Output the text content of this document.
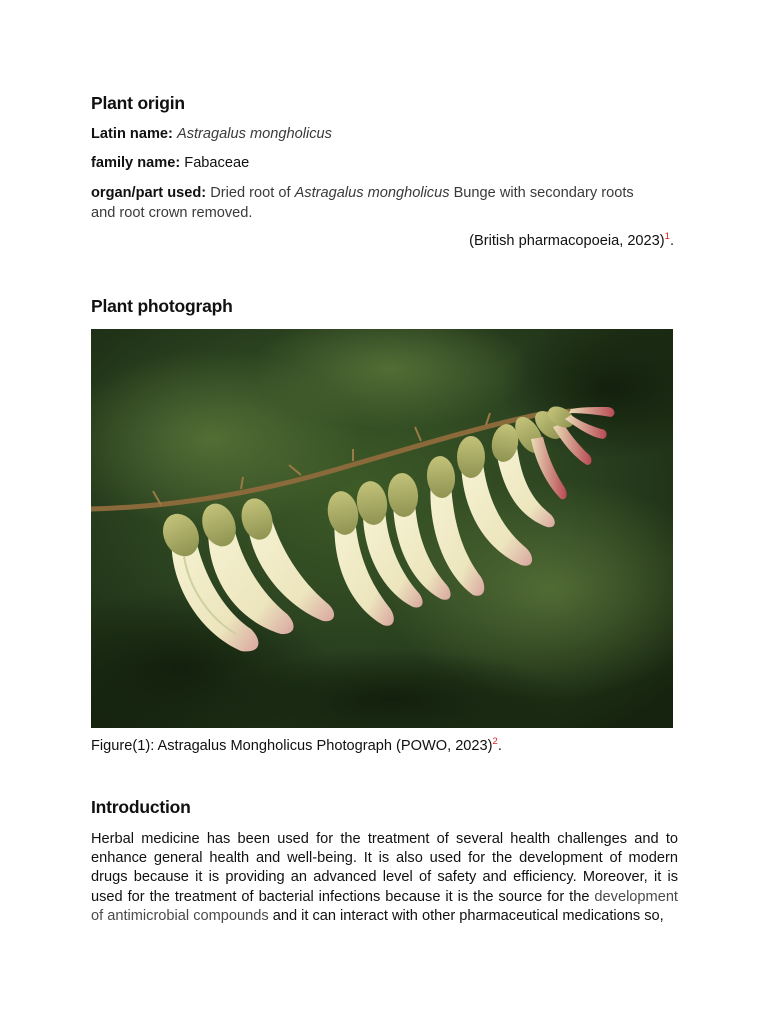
Plant origin

Latin name: Astragalus mongholicus

family name: Fabaceae

organ/part used: Dried root of Astragalus mongholicus Bunge with secondary roots
and root crown removed.

(British pharmacopoeia, 2023)$^1$.

Plant photograph

Figure(1): Astragalus Mongholicus Photograph (POWO, 2023)$^2$.

Introduction

Herbal medicine has been used for the treatment of several health challenges and to enhance general health and well-being. It is also used for the development of modern drugs because it is providing an advanced level of safety and efficiency. Moreover, it is used for the treatment of bacterial infections because it is the source for the development of antimicrobial compounds and it can interact with other pharmaceutical medications so,
